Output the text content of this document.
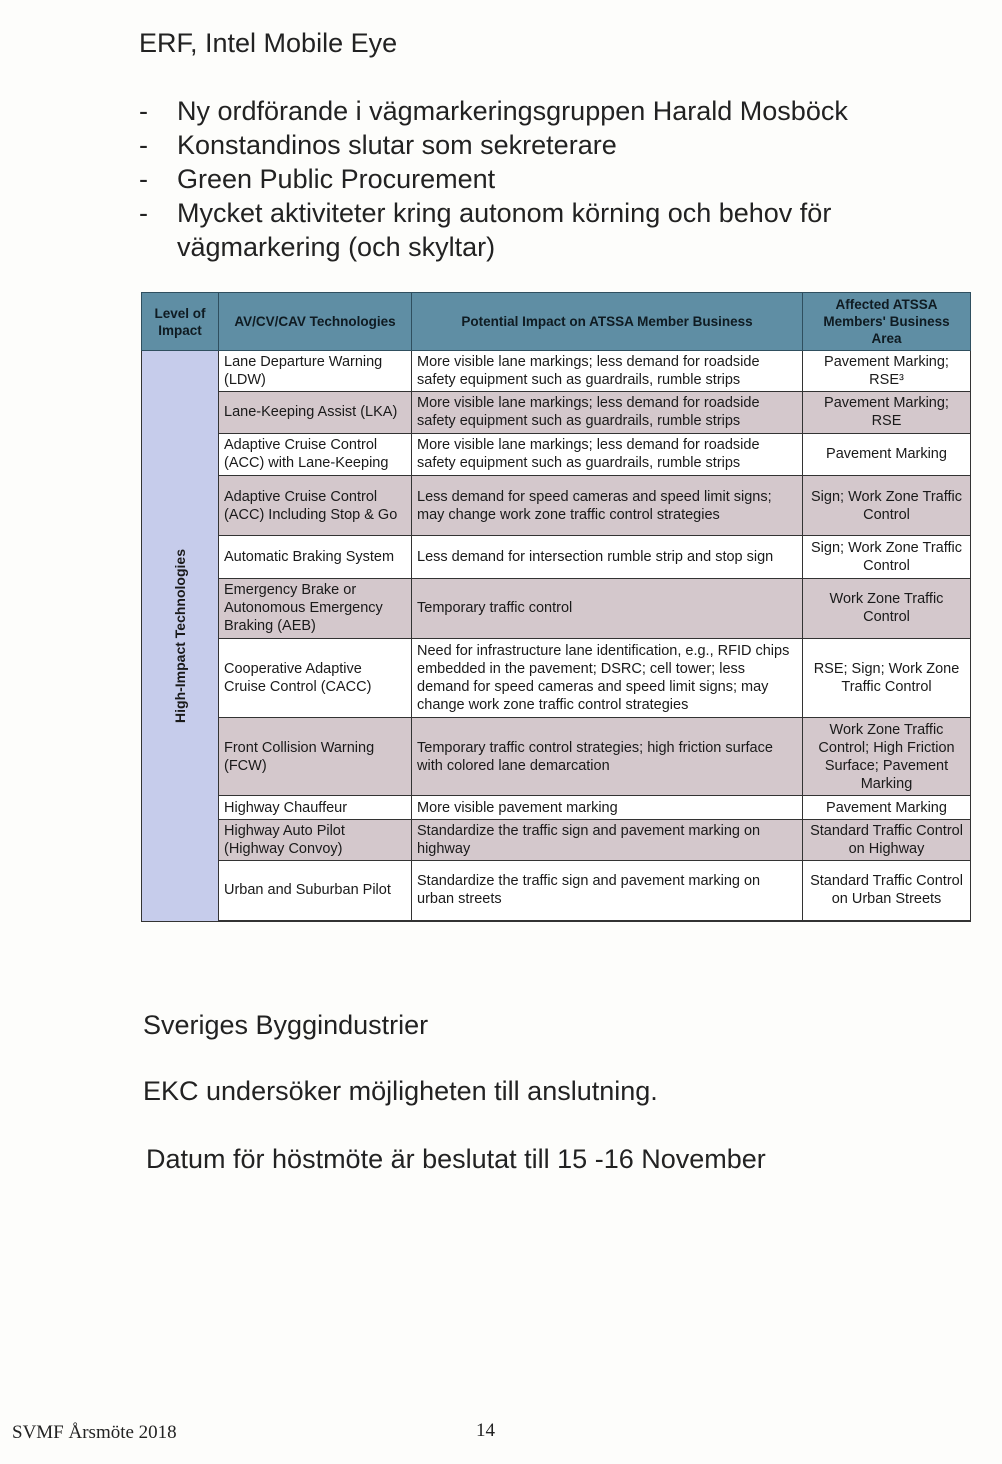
ERF, Intel Mobile Eye
- Ny ordförande i vägmarkeringsgruppen Harald Mosböck
- Konstandinos slutar som sekreterare
- Green Public Procurement
- Mycket aktiviteter kring autonom körning och behov för vägmarkering (och skyltar)
Level of Impact	AV/CV/CAV Technologies	Potential Impact on ATSSA Member Business	Affected ATSSA Members' Business Area

High-Impact Technologies	Lane Departure Warning (LDW)	More visible lane markings; less demand for roadside safety equipment such as guardrails, rumble strips	Pavement Marking; RSE³
	Lane-Keeping Assist (LKA)	More visible lane markings; less demand for roadside safety equipment such as guardrails, rumble strips	Pavement Marking; RSE
	Adaptive Cruise Control (ACC) with Lane-Keeping	More visible lane markings; less demand for roadside safety equipment such as guardrails, rumble strips	Pavement Marking
	Adaptive Cruise Control (ACC) Including Stop & Go	Less demand for speed cameras and speed limit signs; may change work zone traffic control strategies	Sign; Work Zone Traffic Control
	Automatic Braking System	Less demand for intersection rumble strip and stop sign	Sign; Work Zone Traffic Control
	Emergency Brake or Autonomous Emergency Braking (AEB)	Temporary traffic control	Work Zone Traffic Control
	Cooperative Adaptive Cruise Control (CACC)	Need for infrastructure lane identification, e.g., RFID chips embedded in the pavement; DSRC; cell tower; less demand for speed cameras and speed limit signs; may change work zone traffic control strategies	RSE; Sign; Work Zone Traffic Control
	Front Collision Warning (FCW)	Temporary traffic control strategies; high friction surface with colored lane demarcation	Work Zone Traffic Control; High Friction Surface; Pavement Marking
	Highway Chauffeur	More visible pavement marking	Pavement Marking
	Highway Auto Pilot (Highway Convoy)	Standardize the traffic sign and pavement marking on highway	Standard Traffic Control on Highway
	Urban and Suburban Pilot	Standardize the traffic sign and pavement marking on urban streets	Standard Traffic Control on Urban Streets
Sveriges Byggindustrier
EKC undersöker möjligheten till anslutning.
Datum för höstmöte är beslutat till 15 -16 November
SVMF Årsmöte 2018	14
